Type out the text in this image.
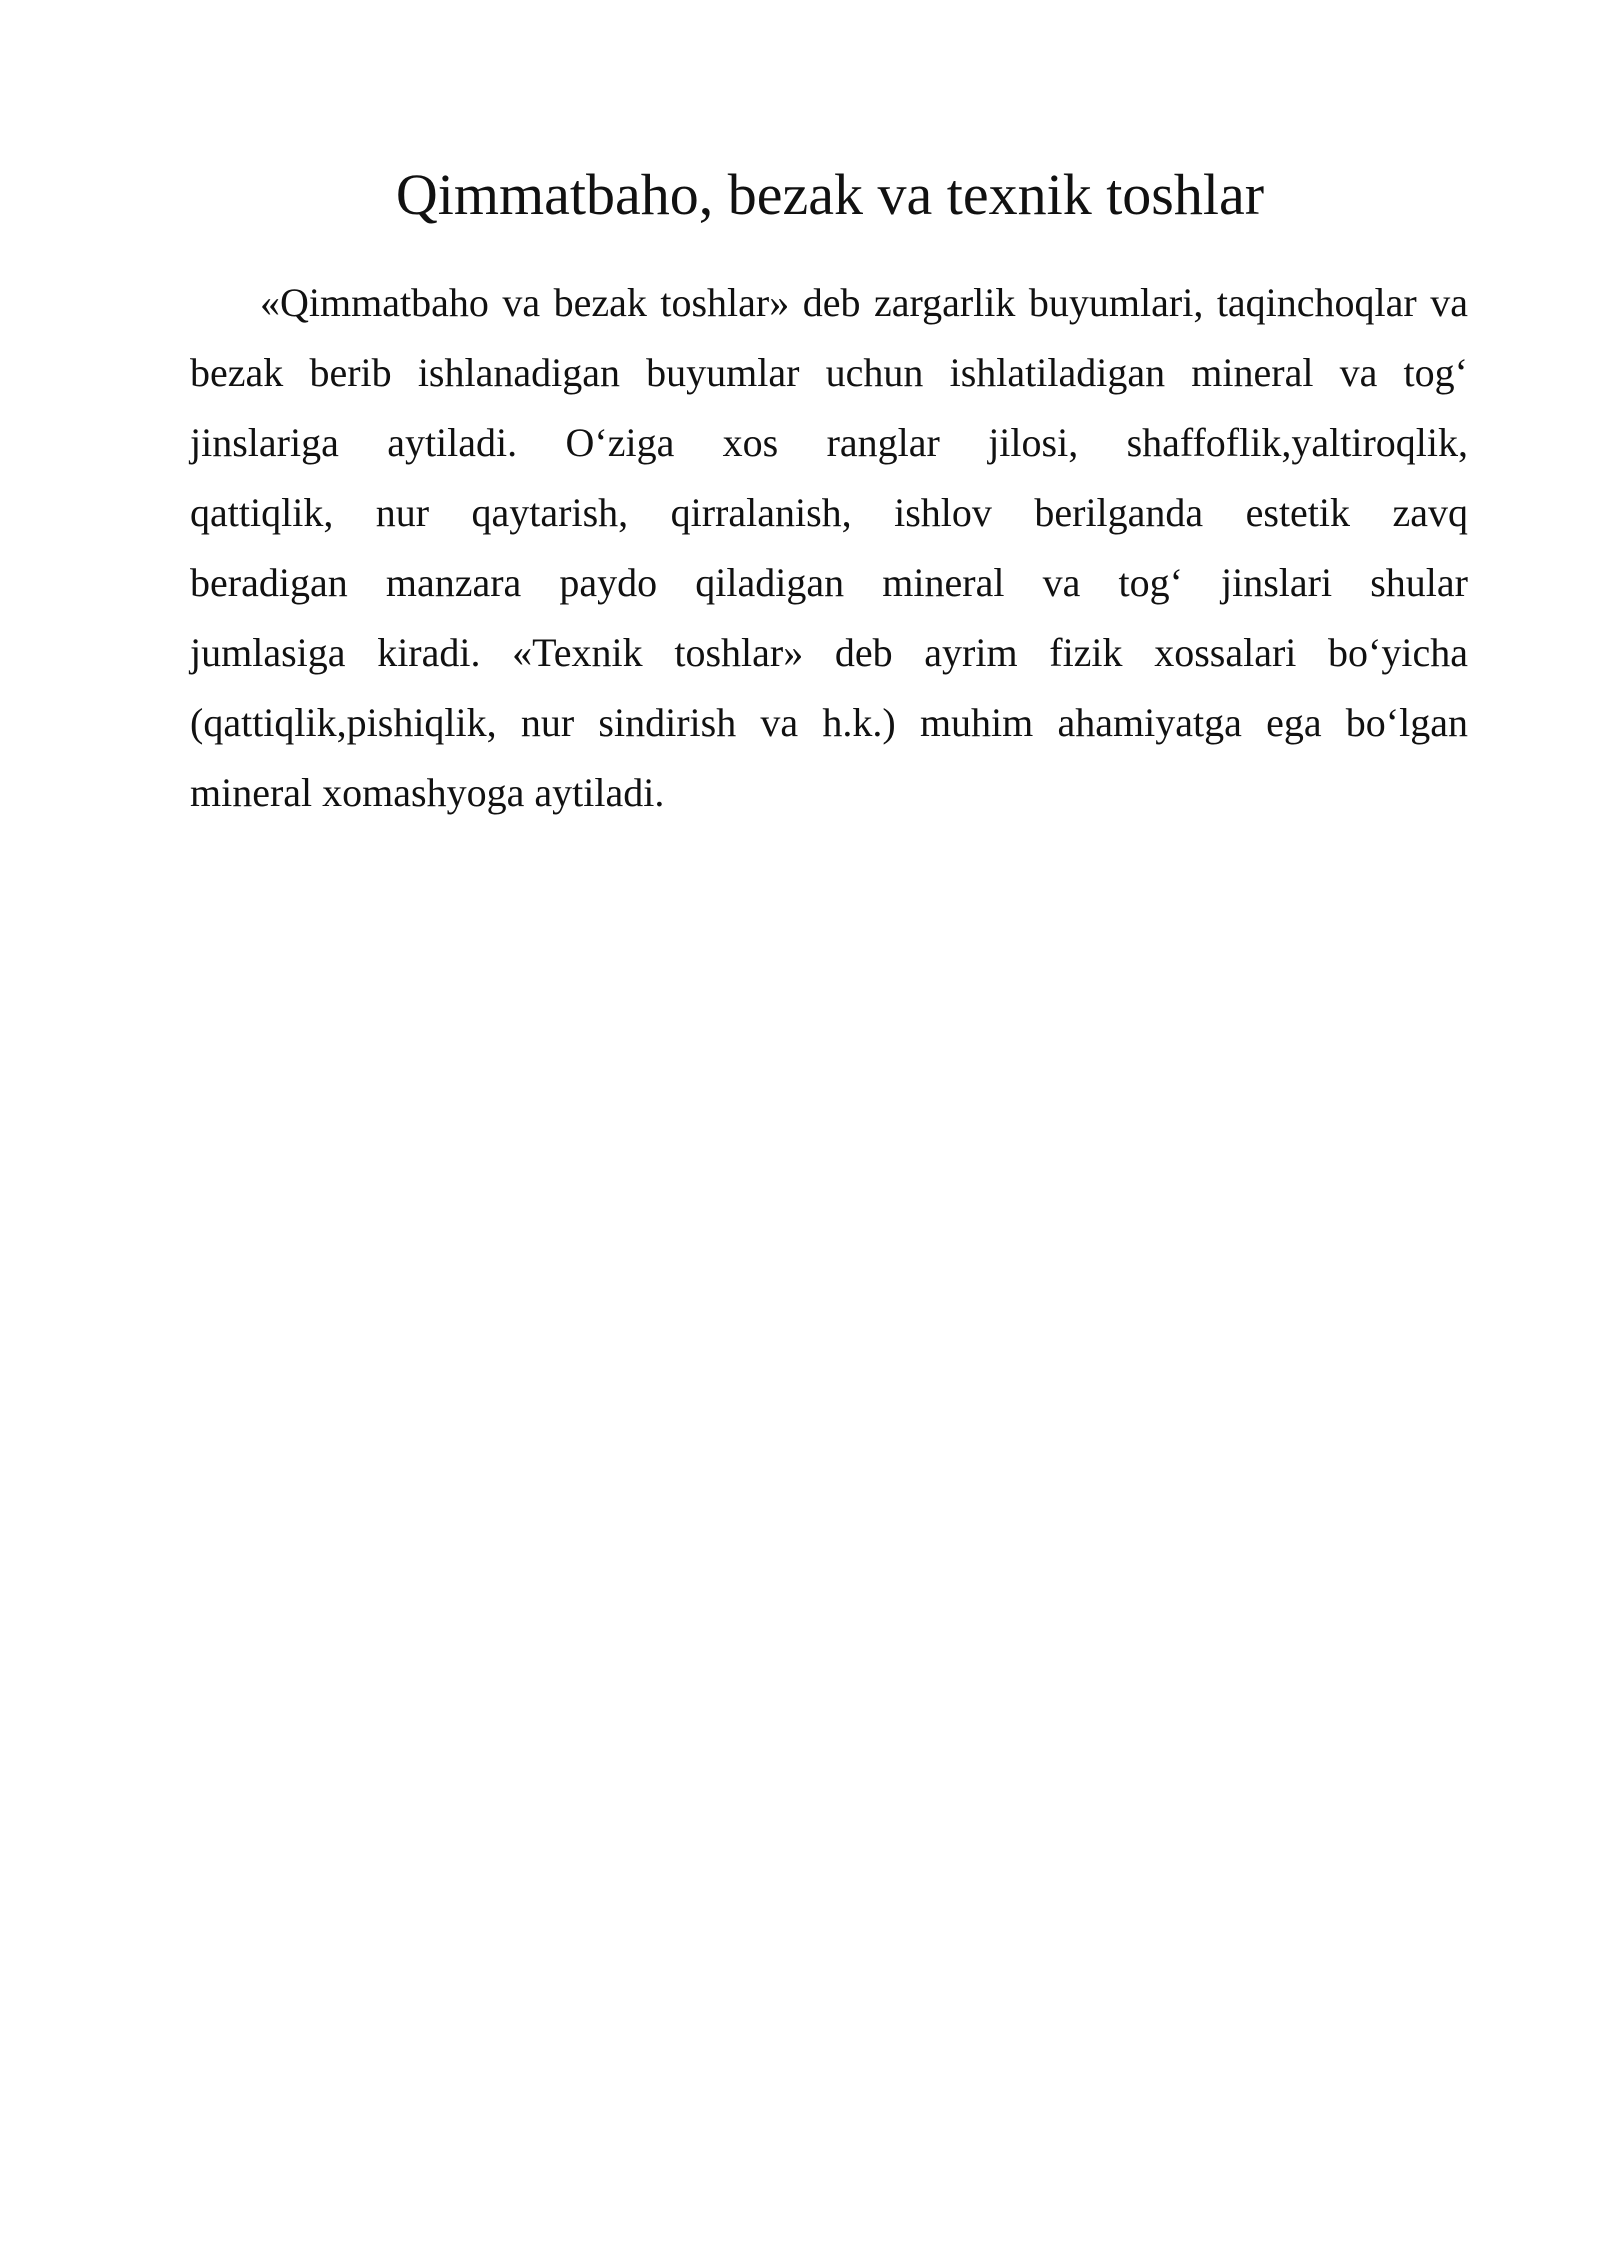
Qimmatbaho, bezak va texnik toshlar

«Qimmatbaho va bezak toshlar» deb zargarlik buyumlari, taqinchoqlar va
bezak berib ishlanadigan buyumlar uchun ishlatiladigan mineral va tog‘
jinslariga aytiladi. O‘ziga xos ranglar jilosi, shaffoflik,yaltiroqlik,
qattiqlik, nur qaytarish, qirralanish, ishlov berilganda estetik zavq
beradigan manzara paydo qiladigan mineral va tog‘ jinslari shular
jumlasiga kiradi. «Texnik toshlar» deb ayrim fizik xossalari bo‘yicha
(qattiqlik,pishiqlik, nur sindirish va h.k.) muhim ahamiyatga ega bo‘lgan
mineral xomashyoga aytiladi.
